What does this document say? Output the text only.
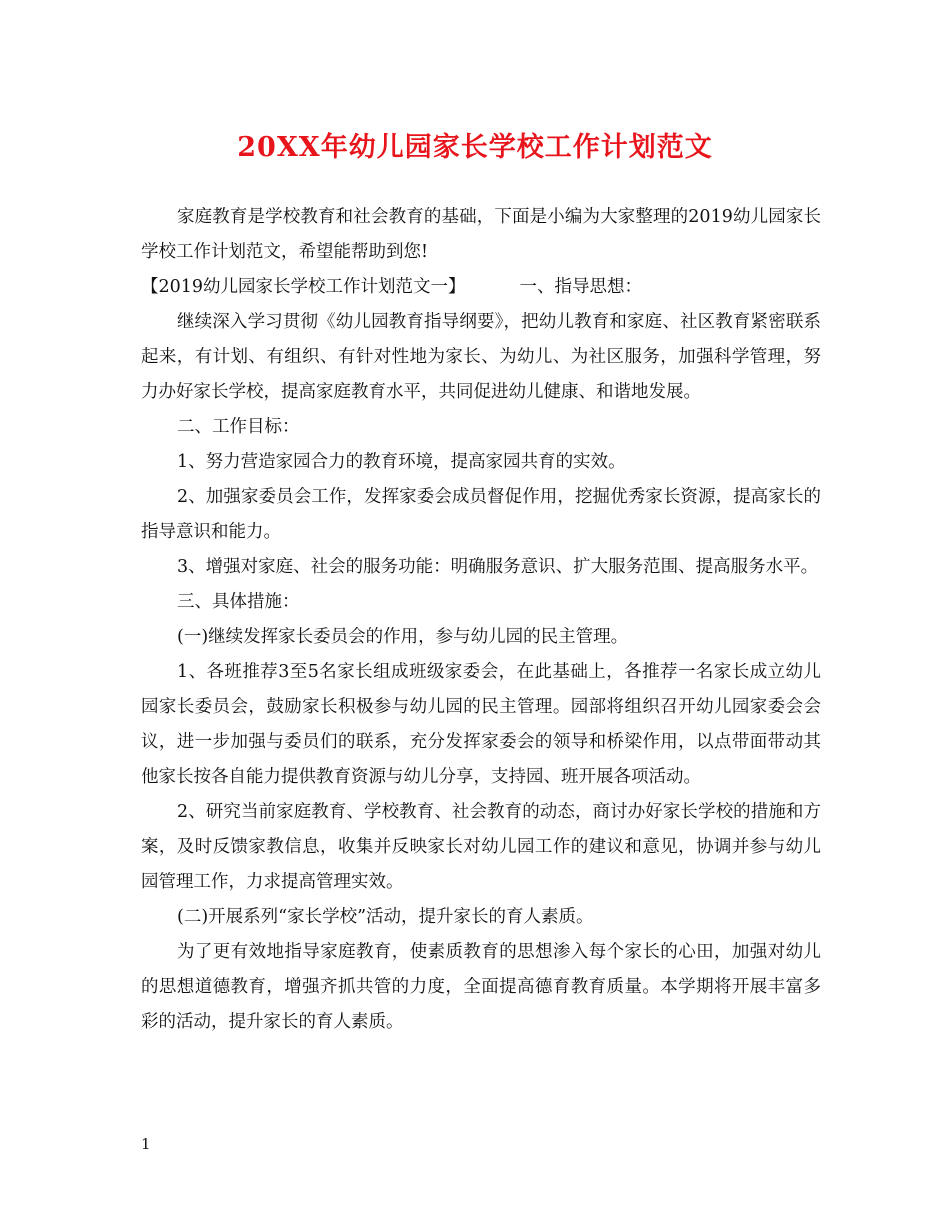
20XX年幼儿园家长学校工作计划范文

家庭教育是学校教育和社会教育的基础，下面是小编为大家整理的2019幼儿园家长学校工作计划范文，希望能帮助到您!

【2019幼儿园家长学校工作计划范文一】	一、指导思想：

继续深入学习贯彻《幼儿园教育指导纲要》，把幼儿教育和家庭、社区教育紧密联系起来，有计划、有组织、有针对性地为家长、为幼儿、为社区服务，加强科学管理，努力办好家长学校，提高家庭教育水平，共同促进幼儿健康、和谐地发展。

二、工作目标：

1、努力营造家园合力的教育环境，提高家园共育的实效。

2、加强家委员会工作，发挥家委会成员督促作用，挖掘优秀家长资源，提高家长的指导意识和能力。

3、增强对家庭、社会的服务功能：明确服务意识、扩大服务范围、提高服务水平。

三、具体措施：

(一)继续发挥家长委员会的作用，参与幼儿园的民主管理。

1、各班推荐3至5名家长组成班级家委会，在此基础上，各推荐一名家长成立幼儿园家长委员会，鼓励家长积极参与幼儿园的民主管理。园部将组织召开幼儿园家委会会议，进一步加强与委员们的联系，充分发挥家委会的领导和桥梁作用，以点带面带动其他家长按各自能力提供教育资源与幼儿分享，支持园、班开展各项活动。

2、研究当前家庭教育、学校教育、社会教育的动态，商讨办好家长学校的措施和方案，及时反馈家教信息，收集并反映家长对幼儿园工作的建议和意见，协调并参与幼儿园管理工作，力求提高管理实效。

(二)开展系列“家长学校”活动，提升家长的育人素质。

为了更有效地指导家庭教育，使素质教育的思想渗入每个家长的心田，加强对幼儿的思想道德教育，增强齐抓共管的力度，全面提高德育教育质量。本学期将开展丰富多彩的活动，提升家长的育人素质。

1
